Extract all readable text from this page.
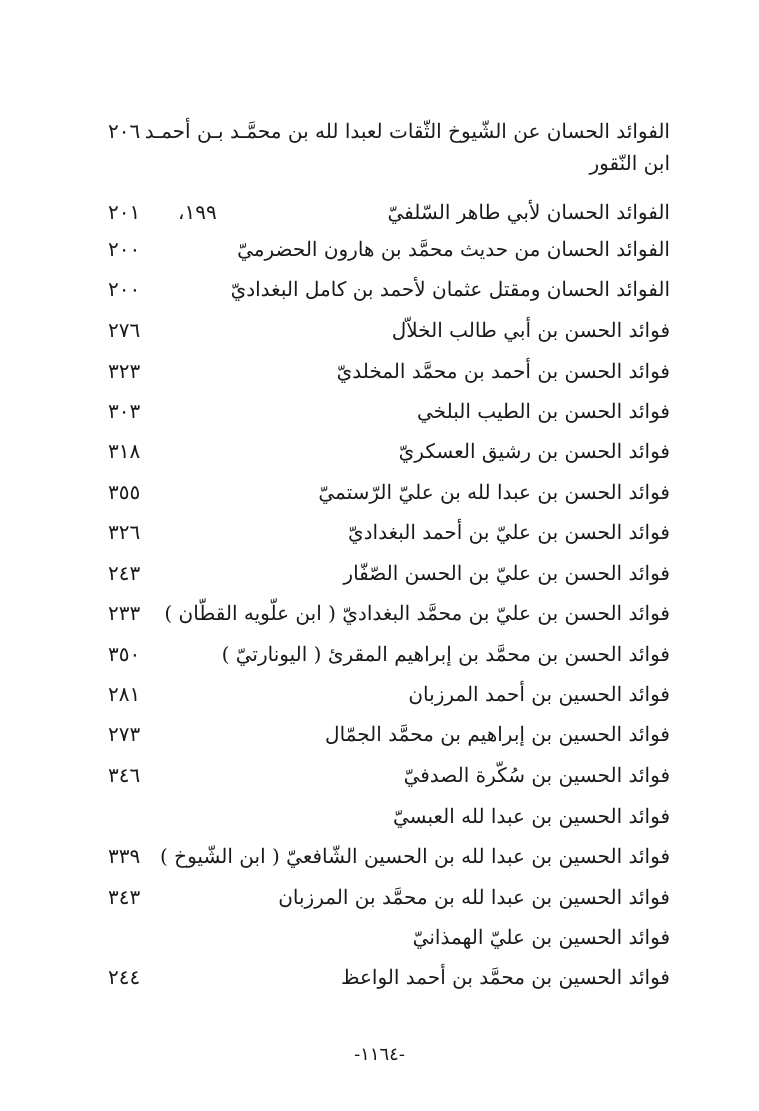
الفوائد الحسان عن الشّيوخ الثّقات لعبدا لله بن محمَّـد بـن أحمـد
ابن النّقور
٢٠٦
الفوائد الحسان لأبي طاهر السّلفيّ
١٩٩،
٢٠١
الفوائد الحسان من حديث محمَّد بن هارون الحضرميّ
٢٠٠
الفوائد الحسان ومقتل عثمان لأحمد بن كامل البغداديّ
٢٠٠
فوائد الحسن بن أبي طالب الخلاّل
٢٧٦
فوائد الحسن بن أحمد بن محمَّد المخلديّ
٣٢٣
فوائد الحسن بن الطيب البلخي
٣٠٣
فوائد الحسن بن رشيق العسكريّ
٣١٨
فوائد الحسن بن عبدا لله بن عليّ الرّستميّ
٣٥٥
فوائد الحسن بن عليّ بن أحمد البغداديّ
٣٢٦
فوائد الحسن بن عليّ بن الحسن الصّفّار
٢٤٣
فوائد الحسن بن عليّ بن محمَّد البغداديّ ( ابن علّويه القطّان )
٢٣٣
فوائد الحسن بن محمَّد بن إبراهيم المقرئ ( اليونارتيّ )
٣٥٠
فوائد الحسين بن أحمد المرزبان
٢٨١
فوائد الحسين بن إبراهيم بن محمَّد الجمّال
٢٧٣
فوائد الحسين بن سُكّرة الصدفيّ
٣٤٦
فوائد الحسين بن عبدا لله العبسيّ
فوائد الحسين بن عبدا لله بن الحسين الشّافعيّ ( ابن الشّيوخ )
٣٣٩
فوائد الحسين بن عبدا لله بن محمَّد بن المرزبان
٣٤٣
فوائد الحسين بن عليّ الهمذانيّ
فوائد الحسين بن محمَّد بن أحمد الواعظ
٢٤٤
-١١٦٤-
